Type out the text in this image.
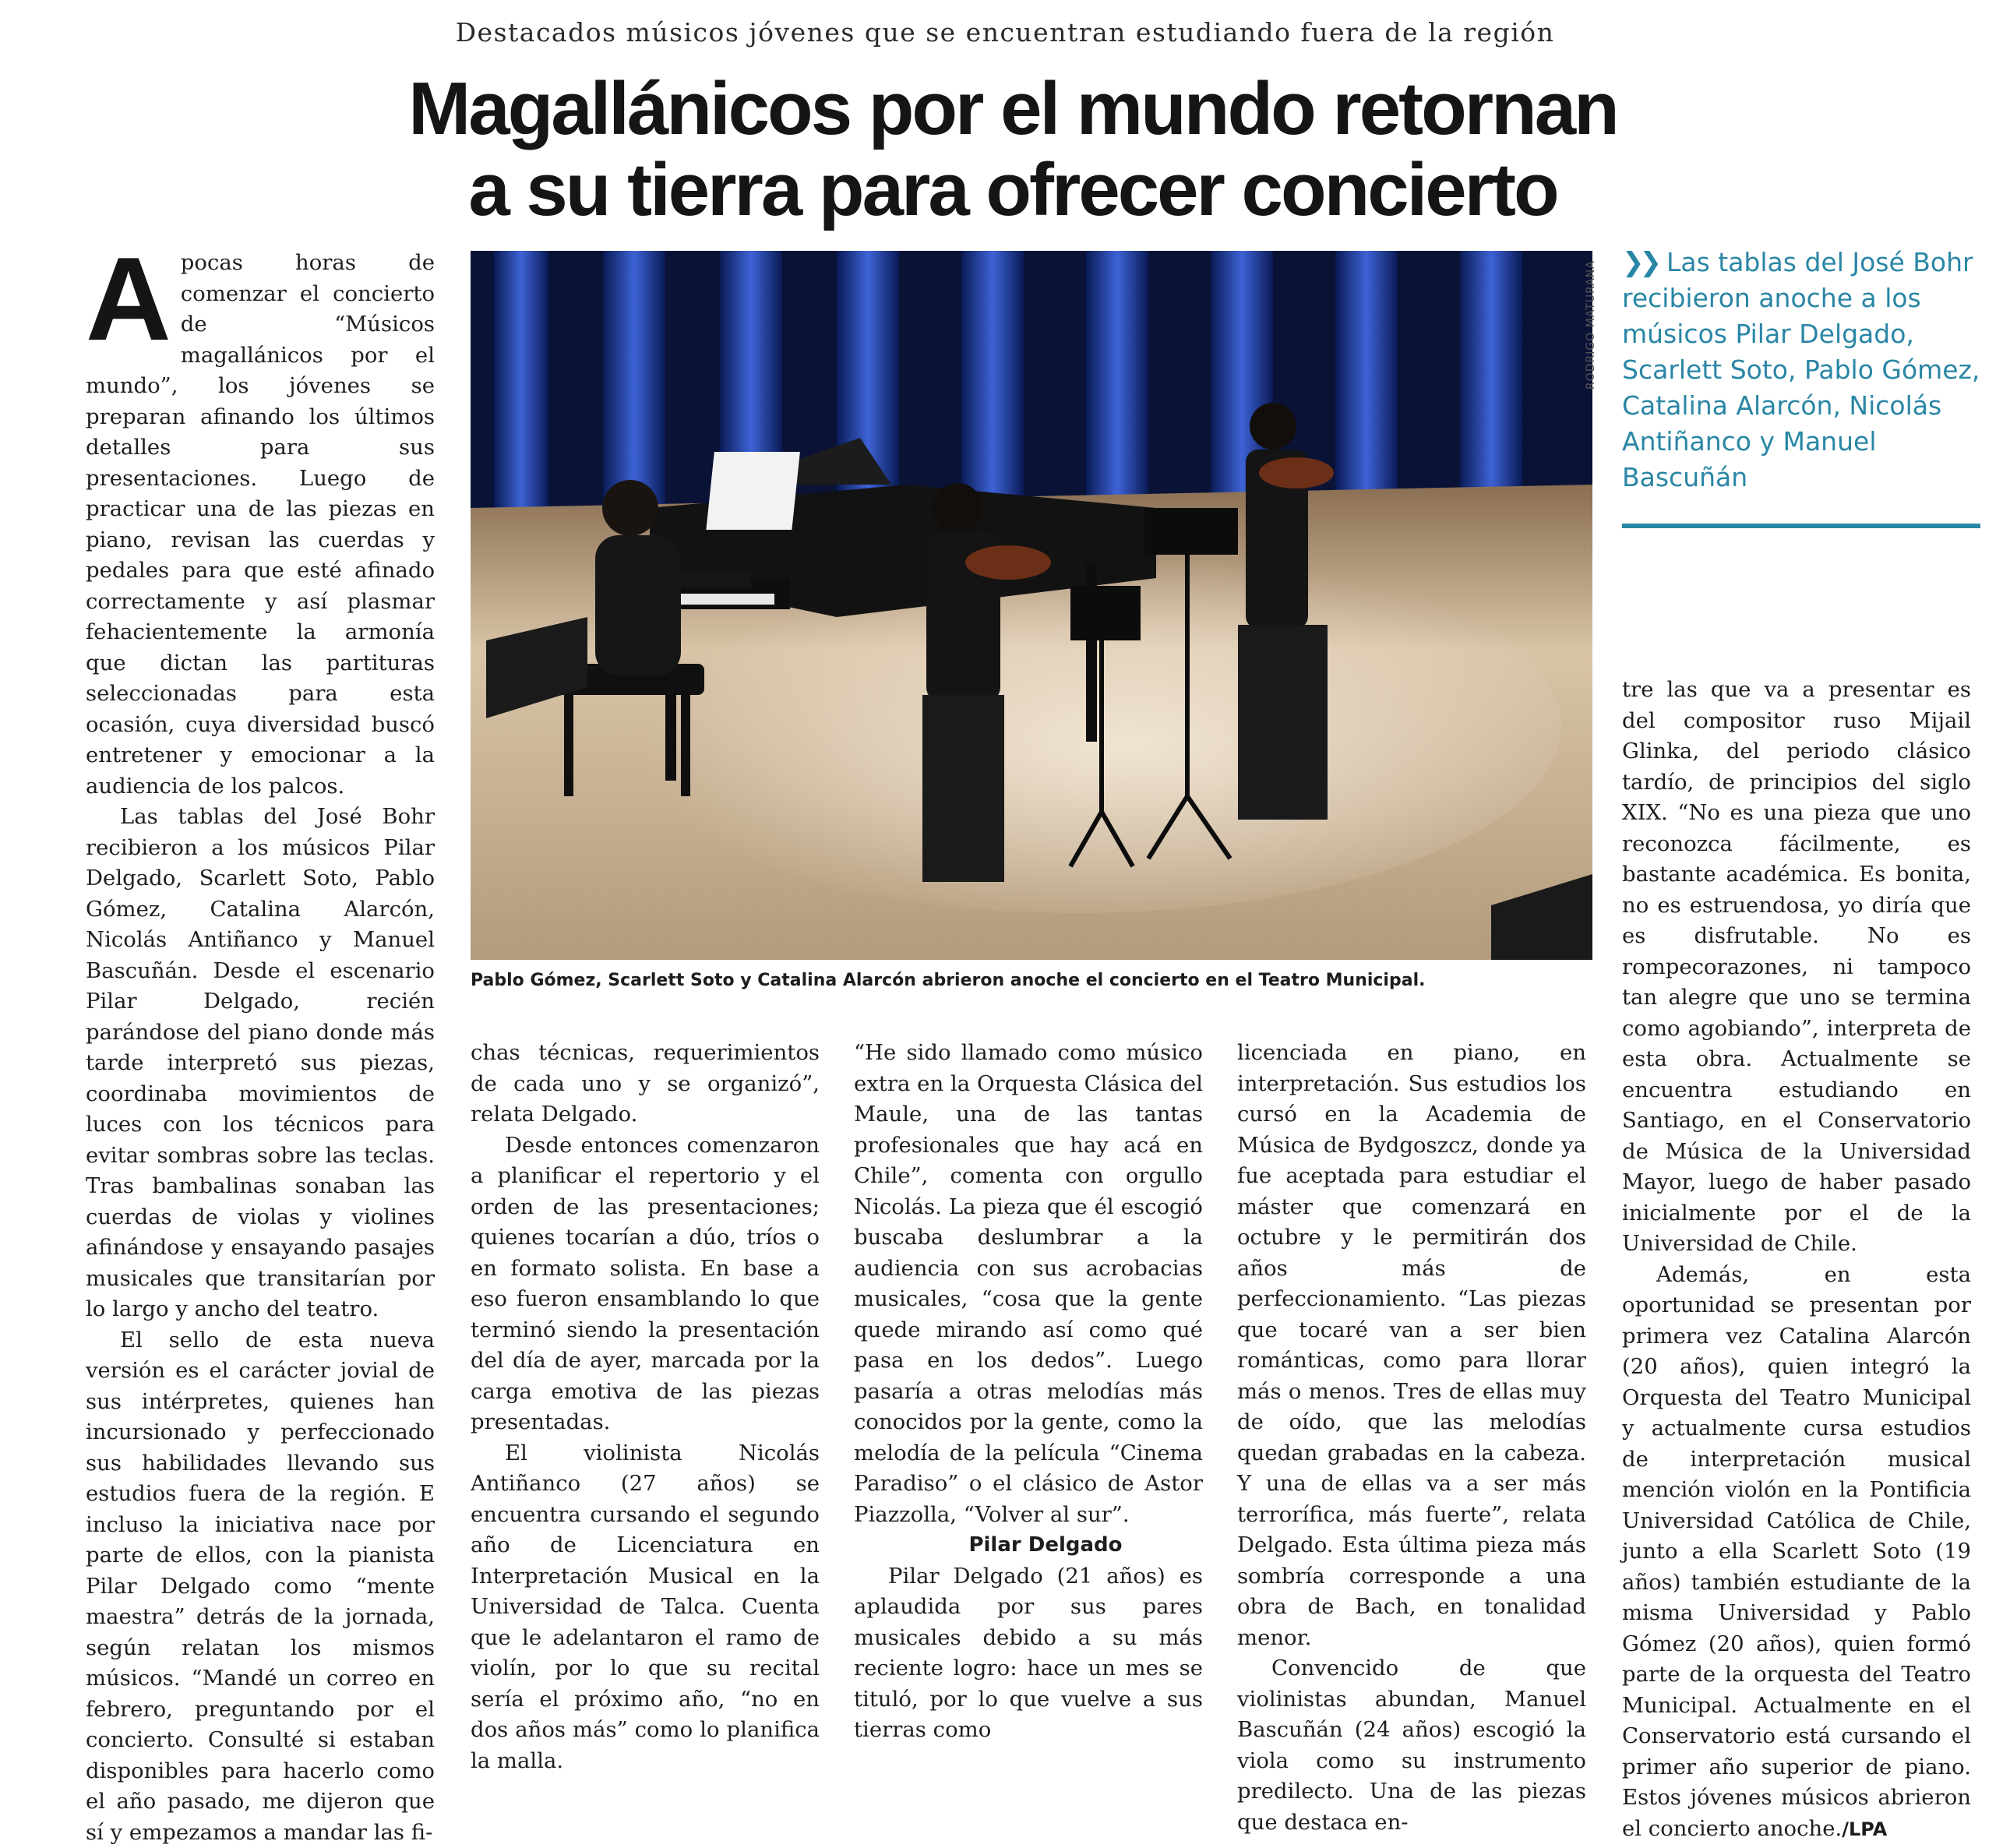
Destacados músicos jóvenes que se encuentran estudiando fuera de la región
Magallánicos por el mundo retornan
a su tierra para ofrecer concierto

Apocas horas de comenzar el concierto de “Músicos magallánicos por el mundo”, los jóvenes se preparan afinando los últimos detalles para sus presentaciones. Luego de practicar una de las piezas en piano, revisan las cuerdas y pedales para que esté afinado correctamente y así plasmar fehacientemente la armonía que dictan las partituras seleccionadas para esta ocasión, cuya diversidad buscó entretener y emocionar a la audiencia de los palcos.

Las tablas del José Bohr recibieron a los músicos Pilar Delgado, Scarlett Soto, Pablo Gómez, Catalina Alarcón, Nicolás Antiñanco y Manuel Bascuñán. Desde el escenario Pilar Delgado, recién parándose del piano donde más tarde interpretó sus piezas, coordinaba movimientos de luces con los técnicos para evitar sombras sobre las teclas. Tras bambalinas sonaban las cuerdas de violas y violines afinándose y ensayando pasajes musicales que transitarían por lo largo y ancho del teatro.

El sello de esta nueva versión es el carácter jovial de sus intérpretes, quienes han incursionado y perfeccionado sus habilidades llevando sus estudios fuera de la región. E incluso la iniciativa nace por parte de ellos, con la pianista Pilar Delgado como “mente maestra” detrás de la jornada, según relatan los mismos músicos. “Mandé un correo en febrero, preguntando por el concierto. Consulté si estaban disponibles para hacerlo como el año pasado, me dijeron que sí y empezamos a mandar las fi-

RODRIGO MATURANA
Pablo Gómez, Scarlett Soto y Catalina Alarcón abrieron anoche el concierto en el Teatro Municipal.
❯❯ Las tablas del José Bohr recibieron anoche a los músicos Pilar Delgado, Scarlett Soto, Pablo Gómez, Catalina Alarcón, Nicolás Antiñanco y Manuel Bascuñán

chas técnicas, requerimientos de cada uno y se organizó”, relata Delgado.

Desde entonces comenzaron a planificar el repertorio y el orden de las presentaciones; quienes tocarían a dúo, tríos o en formato solista. En base a eso fueron ensamblando lo que terminó siendo la presentación del día de ayer, marcada por la carga emotiva de las piezas presentadas.

El violinista Nicolás Antiñanco (27 años) se encuentra cursando el segundo año de Licenciatura en Interpretación Musical en la Universidad de Talca. Cuenta que le adelantaron el ramo de violín, por lo que su recital sería el próximo año, “no en dos años más” como lo planifica la malla.

“He sido llamado como músico extra en la Orquesta Clásica del Maule, una de las tantas profesionales que hay acá en Chile”, comenta con orgullo Nicolás. La pieza que él escogió buscaba deslumbrar a la audiencia con sus acrobacias musicales, “cosa que la gente quede mirando así como qué pasa en los dedos”. Luego pasaría a otras melodías más conocidos por la gente, como la melodía de la película “Cinema Paradiso” o el clásico de Astor Piazzolla, “Volver al sur”.

Pilar Delgado

Pilar Delgado (21 años) es aplaudida por sus pares musicales debido a su más reciente logro: hace un mes se tituló, por lo que vuelve a sus tierras como

licenciada en piano, en interpretación. Sus estudios los cursó en la Academia de Música de Bydgoszcz, donde ya fue aceptada para estudiar el máster que comenzará en octubre y le permitirán dos años más de perfeccionamiento. “Las piezas que tocaré van a ser bien románticas, como para llorar más o menos. Tres de ellas muy de oído, que las melodías quedan grabadas en la cabeza. Y una de ellas va a ser más terrorífica, más fuerte”, relata Delgado. Esta última pieza más sombría corresponde a una obra de Bach, en tonalidad menor.

Convencido de que violinistas abundan, Manuel Bascuñán (24 años) escogió la viola como su instrumento predilecto. Una de las piezas que destaca en-

tre las que va a presentar es del compositor ruso Mijail Glinka, del periodo clásico tardío, de principios del siglo XIX. “No es una pieza que uno reconozca fácilmente, es bastante académica. Es bonita, no es estruendosa, yo diría que es disfrutable. No es rompecorazones, ni tampoco tan alegre que uno se termina como agobiando”, interpreta de esta obra. Actualmente se encuentra estudiando en Santiago, en el Conservatorio de Música de la Universidad Mayor, luego de haber pasado inicialmente por el de la Universidad de Chile.

Además, en esta oportunidad se presentan por primera vez Catalina Alarcón (20 años), quien integró la Orquesta del Teatro Municipal y actualmente cursa estudios de interpretación musical mención violón en la Pontificia Universidad Católica de Chile, junto a ella Scarlett Soto (19 años) también estudiante de la misma Universidad y Pablo Gómez (20 años), quien formó parte de la orquesta del Teatro Municipal. Actualmente en el Conservatorio está cursando el primer año superior de piano. Estos jóvenes músicos abrieron el concierto anoche./LPA
